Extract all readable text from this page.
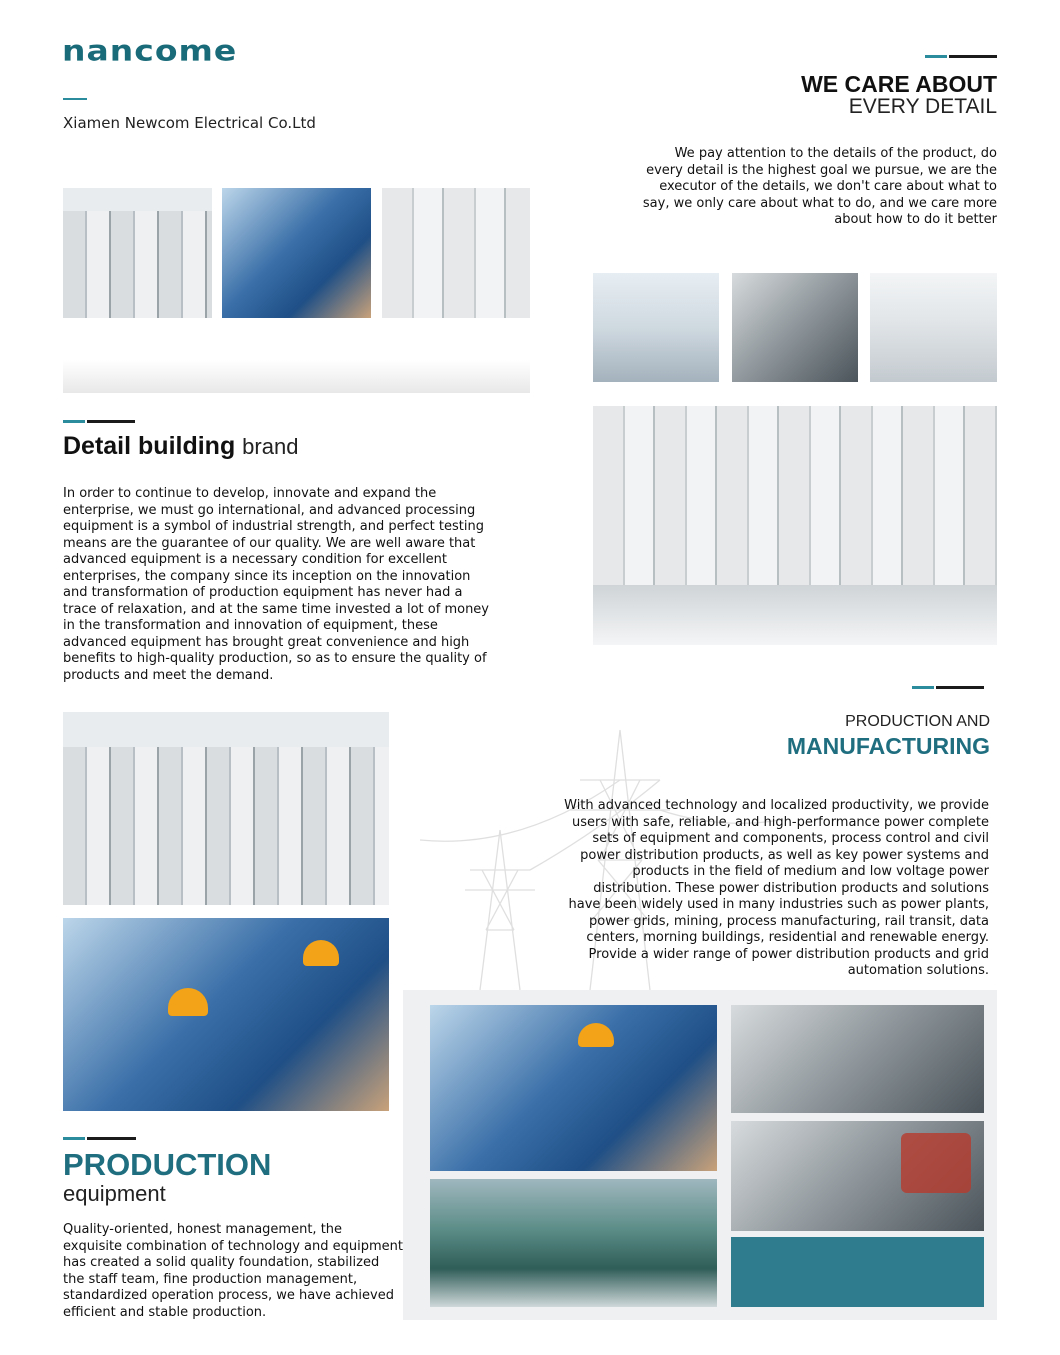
nancome
Xiamen Newcom Electrical Co.Ltd
WE CARE ABOUT
EVERY DETAIL
We pay attention to the details of the product, do every detail is the highest goal we pursue, we are the executor of the details, we don't care about what to say, we only care about what to do, and we care more about how to do it better
Detail building brand
In order to continue to develop, innovate and expand the enterprise, we must go international, and advanced processing equipment is a symbol of industrial strength, and perfect testing means are the guarantee of our quality. We are well aware that advanced equipment is a necessary condition for excellent enterprises, the company since its inception on the innovation and transformation of production equipment has never had a trace of relaxation, and at the same time invested a lot of money in the transformation and innovation of equipment, these advanced equipment has brought great convenience and high benefits to high-quality production, so as to ensure the quality of products and meet the demand.
PRODUCTION AND
MANUFACTURING
With advanced technology and localized productivity, we provide users with safe, reliable, and high-performance power complete sets of equipment and components, process control and civil power distribution products, as well as key power systems and products in the field of medium and low voltage power distribution. These power distribution products and solutions have been widely used in many industries such as power plants, power grids, mining, process manufacturing, rail transit, data centers, morning buildings, residential and renewable energy. Provide a wider range of power distribution products and grid automation solutions.
PRODUCTION
equipment
Quality-oriented, honest management, the exquisite combination of technology and equipment has created a solid quality foundation, stabilized the staff team, fine production management, standardized operation process, we have achieved efficient and stable production.
